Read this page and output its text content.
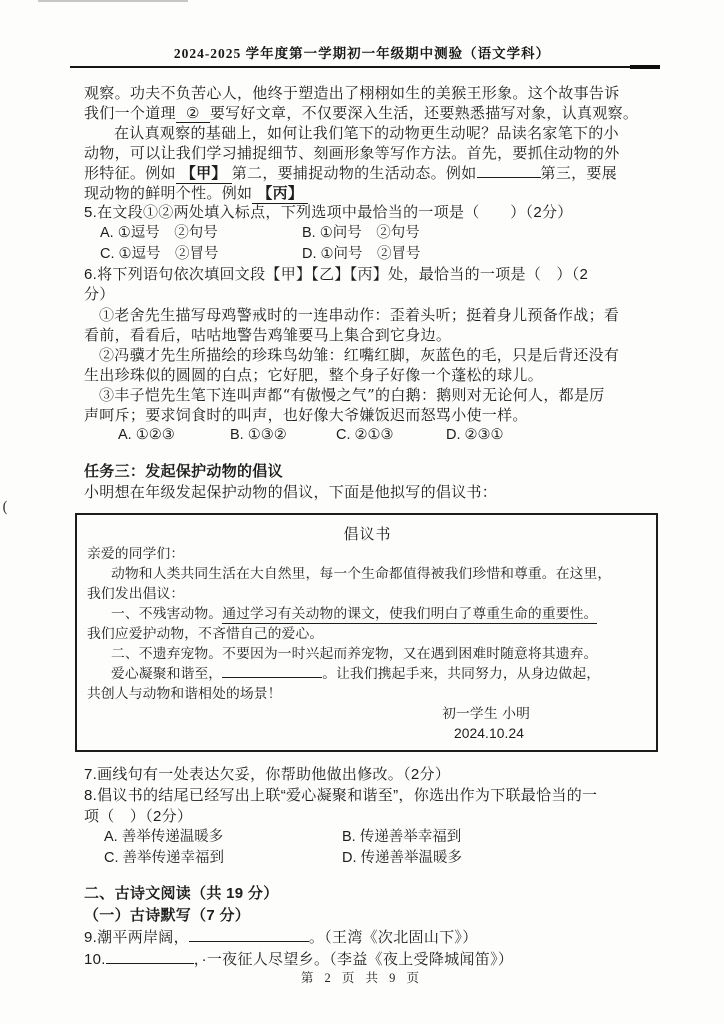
(
2024-2025 学年度第一学期初一年级期中测验（语文学科）
观察。功夫不负苦心人，他终于塑造出了栩栩如生的美猴王形象。这个故事告诉
我们一个道理 ② 要写好文章，不仅要深入生活，还要熟悉描写对象，认真观察。
在认真观察的基础上，如何让我们笔下的动物更生动呢？品读名家笔下的小
动物，可以让我们学习捕捉细节、刻画形象等写作方法。首先，要抓住动物的外
形特征。例如 【甲】 第二，要捕捉动物的生活动态。例如	第三，要展
现动物的鲜明个性。例如 【丙】
5.在文段①②两处填入标点，下列选项中最恰当的一项是（　　）（2分）
A. ①逗号　②句号	B. ①问号　②句号
C. ①逗号　②冒号	D. ①问号　②冒号
6.将下列语句依次填回文段【甲】【乙】【丙】处，最恰当的一项是（　）（2
分）
①老舍先生描写母鸡警戒时的一连串动作：歪着头听；挺着身儿预备作战；看
看前，看看后，咕咕地警告鸡雏要马上集合到它身边。
②冯骥才先生所描绘的珍珠鸟幼雏：红嘴红脚，灰蓝色的毛，只是后背还没有
生出珍珠似的圆圆的白点；它好肥，整个身子好像一个蓬松的球儿。
③丰子恺先生笔下连叫声都“有傲慢之气”的白鹅：鹅则对无论何人，都是厉
声呵斥；要求饲食时的叫声，也好像大爷嫌饭迟而怒骂小使一样。
A. ①②③	B. ①③②	C. ②①③	D. ②③①
任务三：发起保护动物的倡议
小明想在年级发起保护动物的倡议，下面是他拟写的倡议书：
倡议书
亲爱的同学们：
动物和人类共同生活在大自然里，每一个生命都值得被我们珍惜和尊重。在这里，
我们发出倡议：
一、不残害动物。通过学习有关动物的课文，使我们明白了尊重生命的重要性。
我们应爱护动物，不吝惜自己的爱心。
二、不遗弃宠物。不要因为一时兴起而养宠物，又在遇到困难时随意将其遗弃。
爱心凝聚和谐至，	。让我们携起手来，共同努力，从身边做起，
共创人与动物和谐相处的场景！
初一学生 小明
2024.10.24
7.画线句有一处表达欠妥，你帮助他做出修改。（2分）
8.倡议书的结尾已经写出上联“爱心凝聚和谐至”，你选出作为下联最恰当的一
项（　）（2分）
A. 善举传递温暖多	B. 传递善举幸福到
C. 善举传递幸福到	D. 传递善举温暖多
二、古诗文阅读（共 19 分）
（一）古诗默写（7 分）
9.潮平两岸阔，	。（王湾《次北固山下》）
10.	，·一夜征人尽望乡。（李益《夜上受降城闻笛》）
第 2 页 共 9 页
